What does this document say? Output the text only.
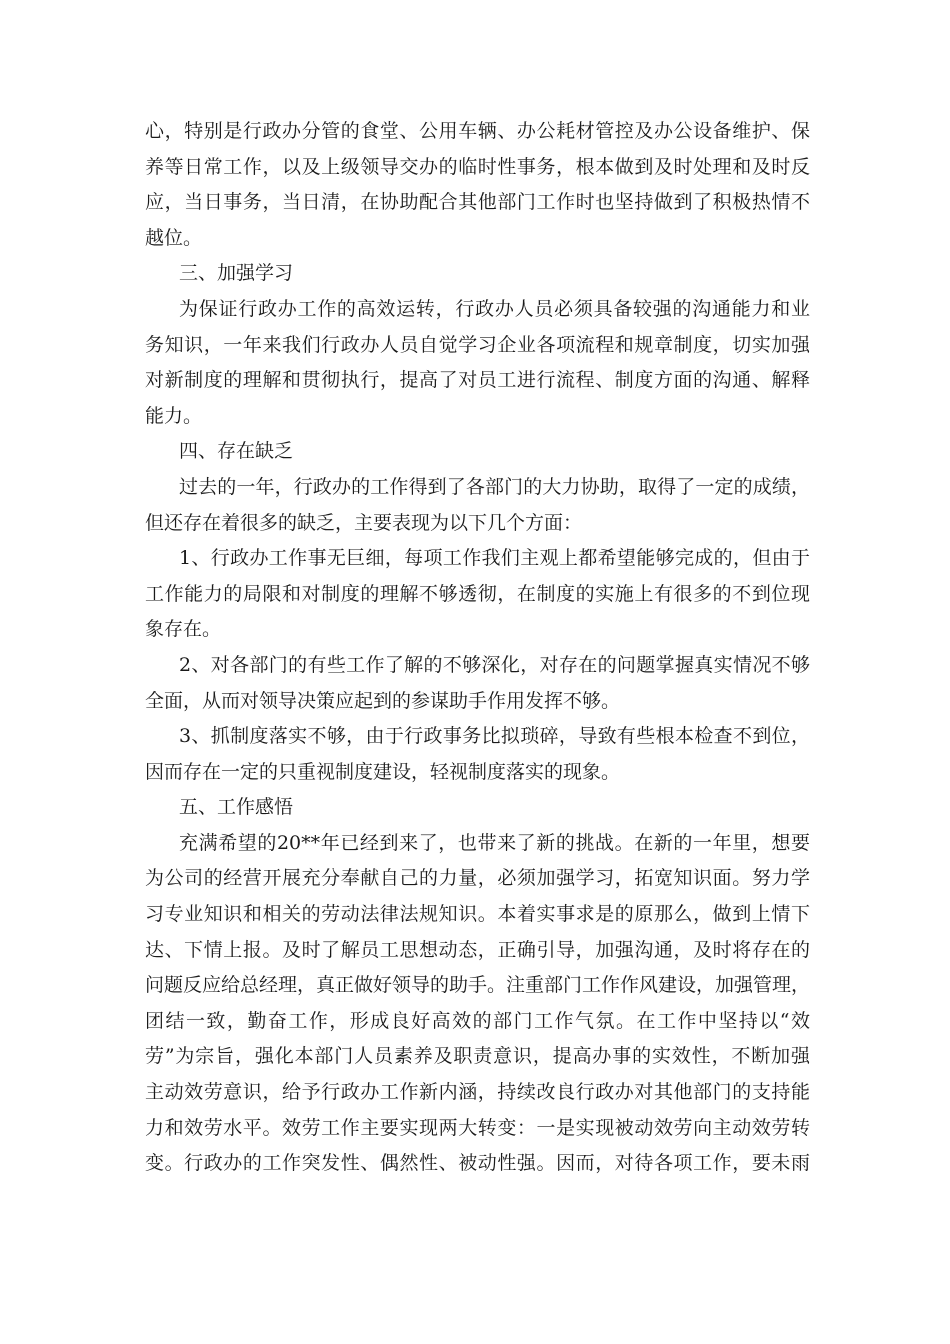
心，特别是行政办分管的食堂、公用车辆、办公耗材管控及办公设备维护、保
养等日常工作，以及上级领导交办的临时性事务，根本做到及时处理和及时反
应，当日事务，当日清，在协助配合其他部门工作时也坚持做到了积极热情不
越位。
三、加强学习
为保证行政办工作的高效运转，行政办人员必须具备较强的沟通能力和业
务知识，一年来我们行政办人员自觉学习企业各项流程和规章制度，切实加强
对新制度的理解和贯彻执行，提高了对员工进行流程、制度方面的沟通、解释
能力。
四、存在缺乏
过去的一年，行政办的工作得到了各部门的大力协助，取得了一定的成绩，
但还存在着很多的缺乏，主要表现为以下几个方面：
1、行政办工作事无巨细，每项工作我们主观上都希望能够完成的，但由于
工作能力的局限和对制度的理解不够透彻，在制度的实施上有很多的不到位现
象存在。
2、对各部门的有些工作了解的不够深化，对存在的问题掌握真实情况不够
全面，从而对领导决策应起到的参谋助手作用发挥不够。
3、抓制度落实不够，由于行政事务比拟琐碎，导致有些根本检查不到位，
因而存在一定的只重视制度建设，轻视制度落实的现象。
五、工作感悟
充满希望的20**年已经到来了，也带来了新的挑战。在新的一年里，想要
为公司的经营开展充分奉献自己的力量，必须加强学习，拓宽知识面。努力学
习专业知识和相关的劳动法律法规知识。本着实事求是的原那么，做到上情下
达、下情上报。及时了解员工思想动态，正确引导，加强沟通，及时将存在的
问题反应给总经理，真正做好领导的助手。注重部门工作作风建设，加强管理，
团结一致，勤奋工作，形成良好高效的部门工作气氛。在工作中坚持以“效
劳”为宗旨，强化本部门人员素养及职责意识，提高办事的实效性，不断加强
主动效劳意识，给予行政办工作新内涵，持续改良行政办对其他部门的支持能
力和效劳水平。效劳工作主要实现两大转变：一是实现被动效劳向主动效劳转
变。行政办的工作突发性、偶然性、被动性强。因而，对待各项工作，要未雨
